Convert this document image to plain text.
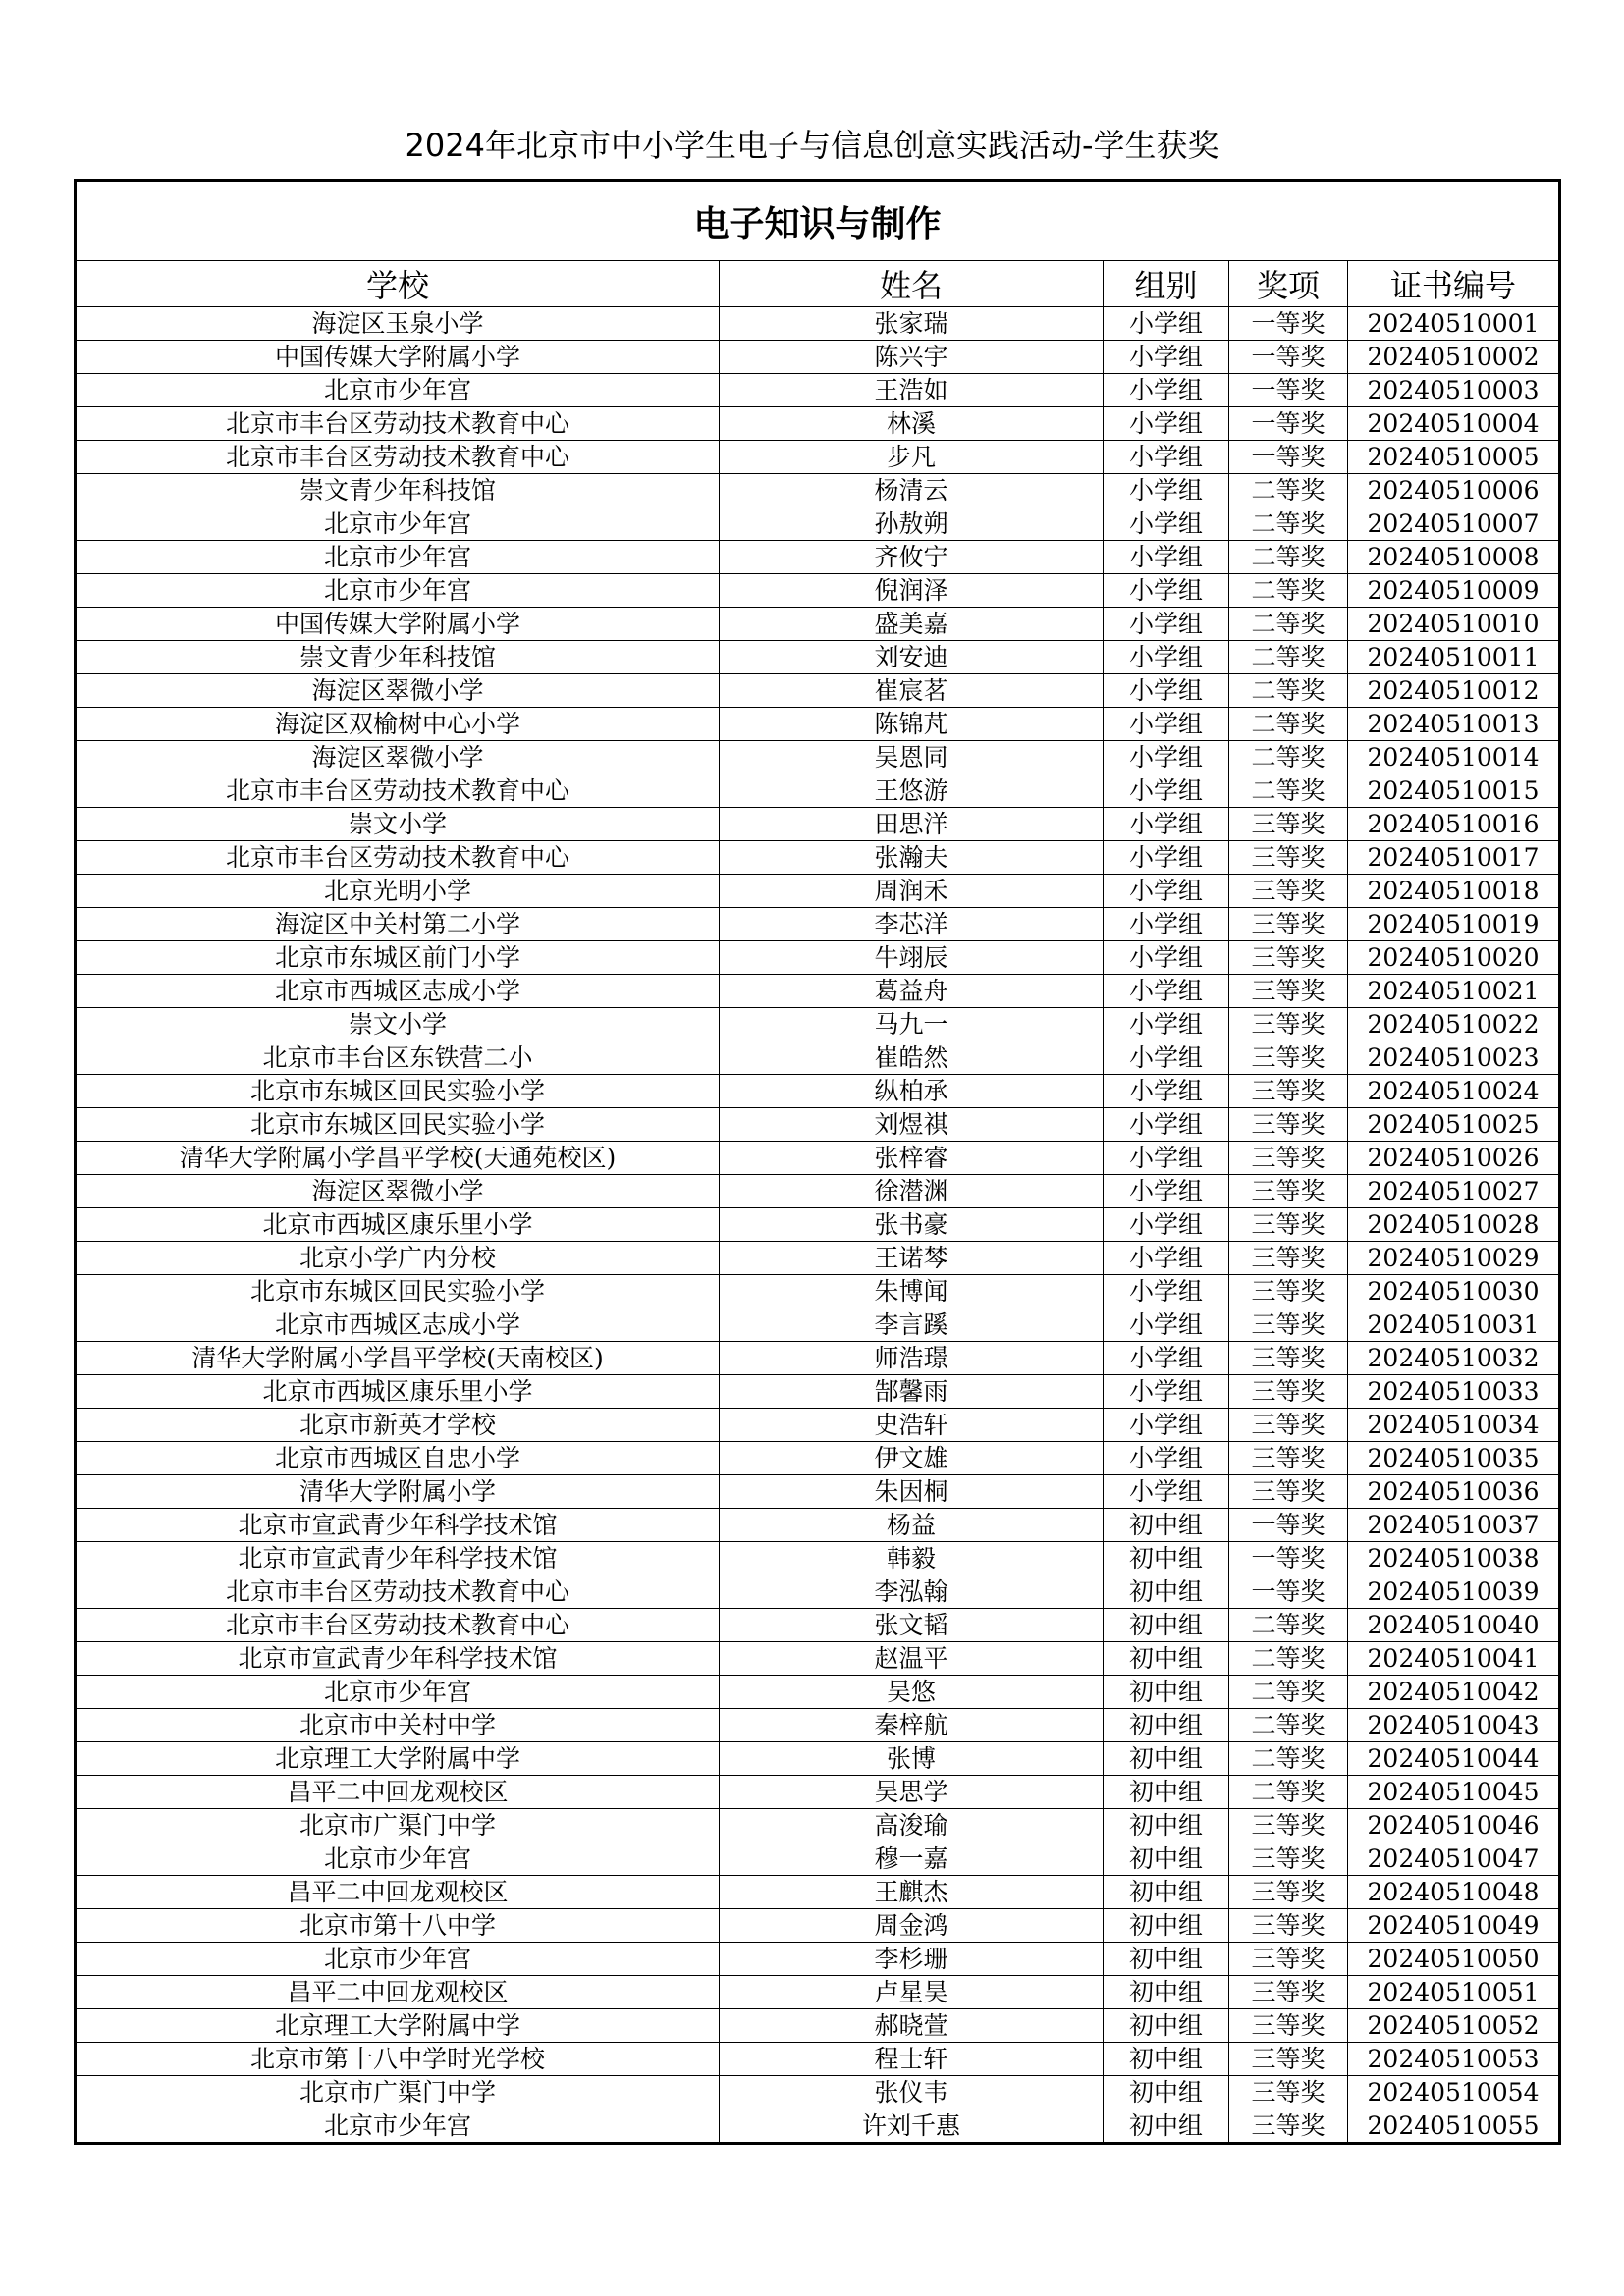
2024年北京市中小学生电子与信息创意实践活动-学生获奖
电子知识与制作				
学校	姓名	组别	奖项	证书编号
海淀区玉泉小学	张家瑞	小学组	一等奖	20240510001
中国传媒大学附属小学	陈兴宇	小学组	一等奖	20240510002
北京市少年宫	王浩如	小学组	一等奖	20240510003
北京市丰台区劳动技术教育中心	林溪	小学组	一等奖	20240510004
北京市丰台区劳动技术教育中心	步凡	小学组	一等奖	20240510005
崇文青少年科技馆	杨清云	小学组	二等奖	20240510006
北京市少年宫	孙敖朔	小学组	二等奖	20240510007
北京市少年宫	齐攸宁	小学组	二等奖	20240510008
北京市少年宫	倪润泽	小学组	二等奖	20240510009
中国传媒大学附属小学	盛美嘉	小学组	二等奖	20240510010
崇文青少年科技馆	刘安迪	小学组	二等奖	20240510011
海淀区翠微小学	崔宸茗	小学组	二等奖	20240510012
海淀区双榆树中心小学	陈锦芃	小学组	二等奖	20240510013
海淀区翠微小学	吴恩同	小学组	二等奖	20240510014
北京市丰台区劳动技术教育中心	王悠游	小学组	二等奖	20240510015
崇文小学	田思洋	小学组	三等奖	20240510016
北京市丰台区劳动技术教育中心	张瀚夫	小学组	三等奖	20240510017
北京光明小学	周润禾	小学组	三等奖	20240510018
海淀区中关村第二小学	李芯洋	小学组	三等奖	20240510019
北京市东城区前门小学	牛翊辰	小学组	三等奖	20240510020
北京市西城区志成小学	葛益舟	小学组	三等奖	20240510021
崇文小学	马九一	小学组	三等奖	20240510022
北京市丰台区东铁营二小	崔皓然	小学组	三等奖	20240510023
北京市东城区回民实验小学	纵柏承	小学组	三等奖	20240510024
北京市东城区回民实验小学	刘煜祺	小学组	三等奖	20240510025
清华大学附属小学昌平学校(天通苑校区)	张梓睿	小学组	三等奖	20240510026
海淀区翠微小学	徐潜渊	小学组	三等奖	20240510027
北京市西城区康乐里小学	张书豪	小学组	三等奖	20240510028
北京小学广内分校	王诺棽	小学组	三等奖	20240510029
北京市东城区回民实验小学	朱博闻	小学组	三等奖	20240510030
北京市西城区志成小学	李言蹊	小学组	三等奖	20240510031
清华大学附属小学昌平学校(天南校区)	师浩璟	小学组	三等奖	20240510032
北京市西城区康乐里小学	郜馨雨	小学组	三等奖	20240510033
北京市新英才学校	史浩轩	小学组	三等奖	20240510034
北京市西城区自忠小学	伊文雄	小学组	三等奖	20240510035
清华大学附属小学	朱因桐	小学组	三等奖	20240510036
北京市宣武青少年科学技术馆	杨益	初中组	一等奖	20240510037
北京市宣武青少年科学技术馆	韩毅	初中组	一等奖	20240510038
北京市丰台区劳动技术教育中心	李泓翰	初中组	一等奖	20240510039
北京市丰台区劳动技术教育中心	张文韬	初中组	二等奖	20240510040
北京市宣武青少年科学技术馆	赵温平	初中组	二等奖	20240510041
北京市少年宫	吴悠	初中组	二等奖	20240510042
北京市中关村中学	秦梓航	初中组	二等奖	20240510043
北京理工大学附属中学	张博	初中组	二等奖	20240510044
昌平二中回龙观校区	吴思学	初中组	二等奖	20240510045
北京市广渠门中学	高浚瑜	初中组	三等奖	20240510046
北京市少年宫	穆一嘉	初中组	三等奖	20240510047
昌平二中回龙观校区	王麒杰	初中组	三等奖	20240510048
北京市第十八中学	周金鸿	初中组	三等奖	20240510049
北京市少年宫	李杉珊	初中组	三等奖	20240510050
昌平二中回龙观校区	卢星昊	初中组	三等奖	20240510051
北京理工大学附属中学	郝晓萱	初中组	三等奖	20240510052
北京市第十八中学时光学校	程士轩	初中组	三等奖	20240510053
北京市广渠门中学	张仪韦	初中组	三等奖	20240510054
北京市少年宫	许刘千惠	初中组	三等奖	20240510055
